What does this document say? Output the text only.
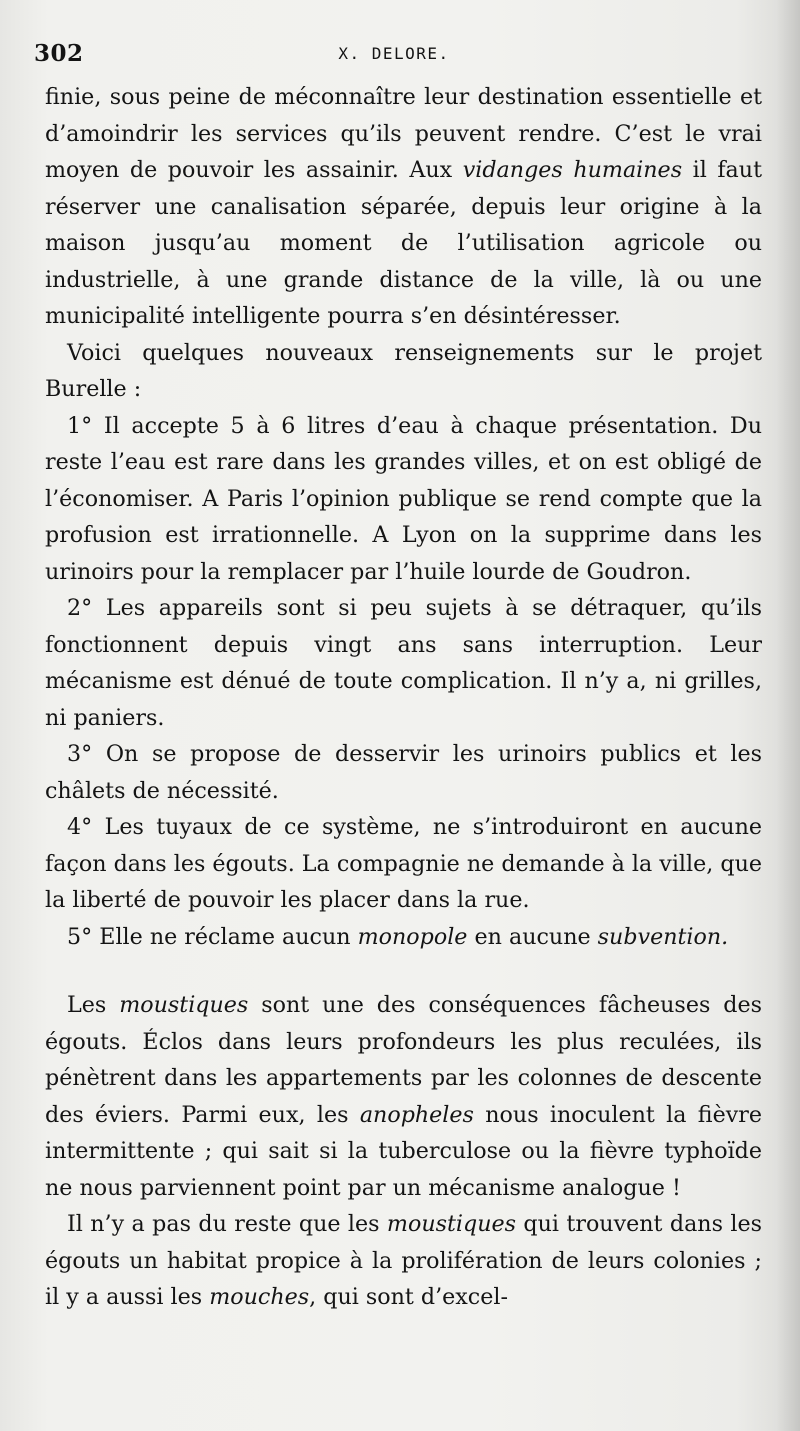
302	X. DELORE.

finie, sous peine de méconnaître leur destination essentielle et d’amoindrir les services qu’ils peuvent rendre. C’est le vrai moyen de pouvoir les assainir. Aux vidanges humaines il faut réserver une canalisation séparée, depuis leur origine à la maison jusqu’au moment de l’utilisation agricole ou industrielle, à une grande distance de la ville, là ou une municipalité intelligente pourra s’en désintéresser.

Voici quelques nouveaux renseignements sur le projet Burelle :

1° Il accepte 5 à 6 litres d’eau à chaque présentation. Du reste l’eau est rare dans les grandes villes, et on est obligé de l’économiser. A Paris l’opinion publique se rend compte que la profusion est irrationnelle. A Lyon on la supprime dans les urinoirs pour la remplacer par l’huile lourde de Goudron.

2° Les appareils sont si peu sujets à se détraquer, qu’ils fonctionnent depuis vingt ans sans interruption. Leur mécanisme est dénué de toute complication. Il n’y a, ni grilles, ni paniers.

3° On se propose de desservir les urinoirs publics et les châlets de nécessité.

4° Les tuyaux de ce système, ne s’introduiront en aucune façon dans les égouts. La compagnie ne demande à la ville, que la liberté de pouvoir les placer dans la rue.

5° Elle ne réclame aucun monopole en aucune subvention.

Les moustiques sont une des conséquences fâcheuses des égouts. Éclos dans leurs profondeurs les plus reculées, ils pénètrent dans les appartements par les colonnes de descente des éviers. Parmi eux, les anopheles nous inoculent la fièvre intermittente ; qui sait si la tuberculose ou la fièvre typhoïde ne nous parviennent point par un mécanisme analogue !

Il n’y a pas du reste que les moustiques qui trouvent dans les égouts un habitat propice à la prolifération de leurs colonies ; il y a aussi les mouches, qui sont d’excel-
